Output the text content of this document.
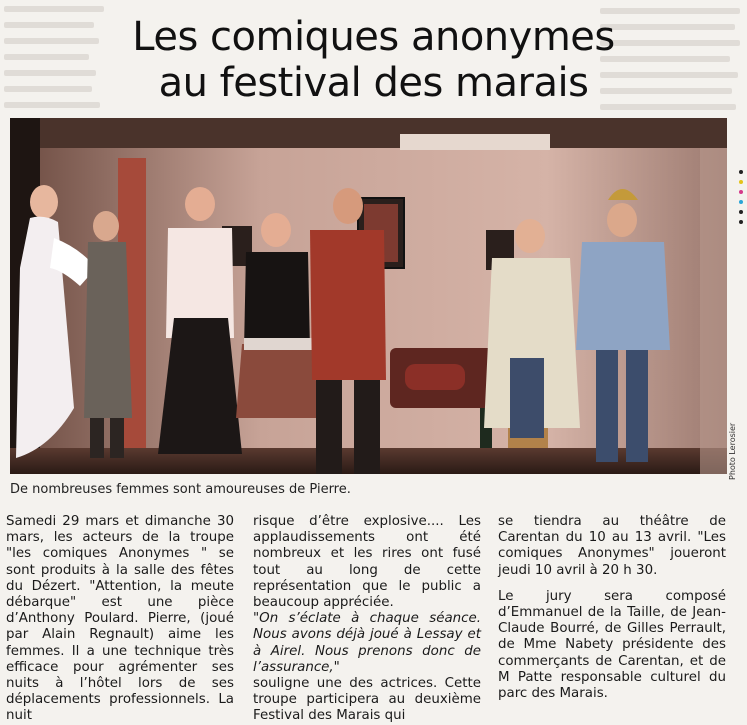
Les comiques anonymes
au festival des marais
Photo Lerosier
De nombreuses femmes sont amoureuses de Pierre.

Samedi 29 mars et dimanche 30 mars, les acteurs de la troupe "les comiques Anonymes " se sont produits à la salle des fêtes du Dézert. "Attention, la meute débarque" est une pièce d’Anthony Poulard. Pierre, (joué par Alain Regnault) aime les femmes. Il a une technique très efficace pour agrémenter ses nuits à l’hôtel lors de ses déplacements professionnels. La nuit

risque d’être explosive.... Les applaudissements ont été nombreux et les rires ont fusé tout au long de cette représentation que le public a beaucoup appréciée.

"On s’éclate à chaque séance. Nous avons déjà joué à Lessay et à Airel. Nous prenons donc de l’assurance,"

souligne une des actrices. Cette troupe participera au deuxième Festival des Marais qui

se tiendra au théâtre de Carentan du 10 au 13 avril. "Les comiques Anonymes" joueront jeudi 10 avril à 20 h 30.

Le jury sera composé d’Emmanuel de la Taille, de Jean-Claude Bourré, de Gilles Perrault, de Mme Nabety présidente des commerçants de Carentan, et de M Patte responsable culturel du parc des Marais.
